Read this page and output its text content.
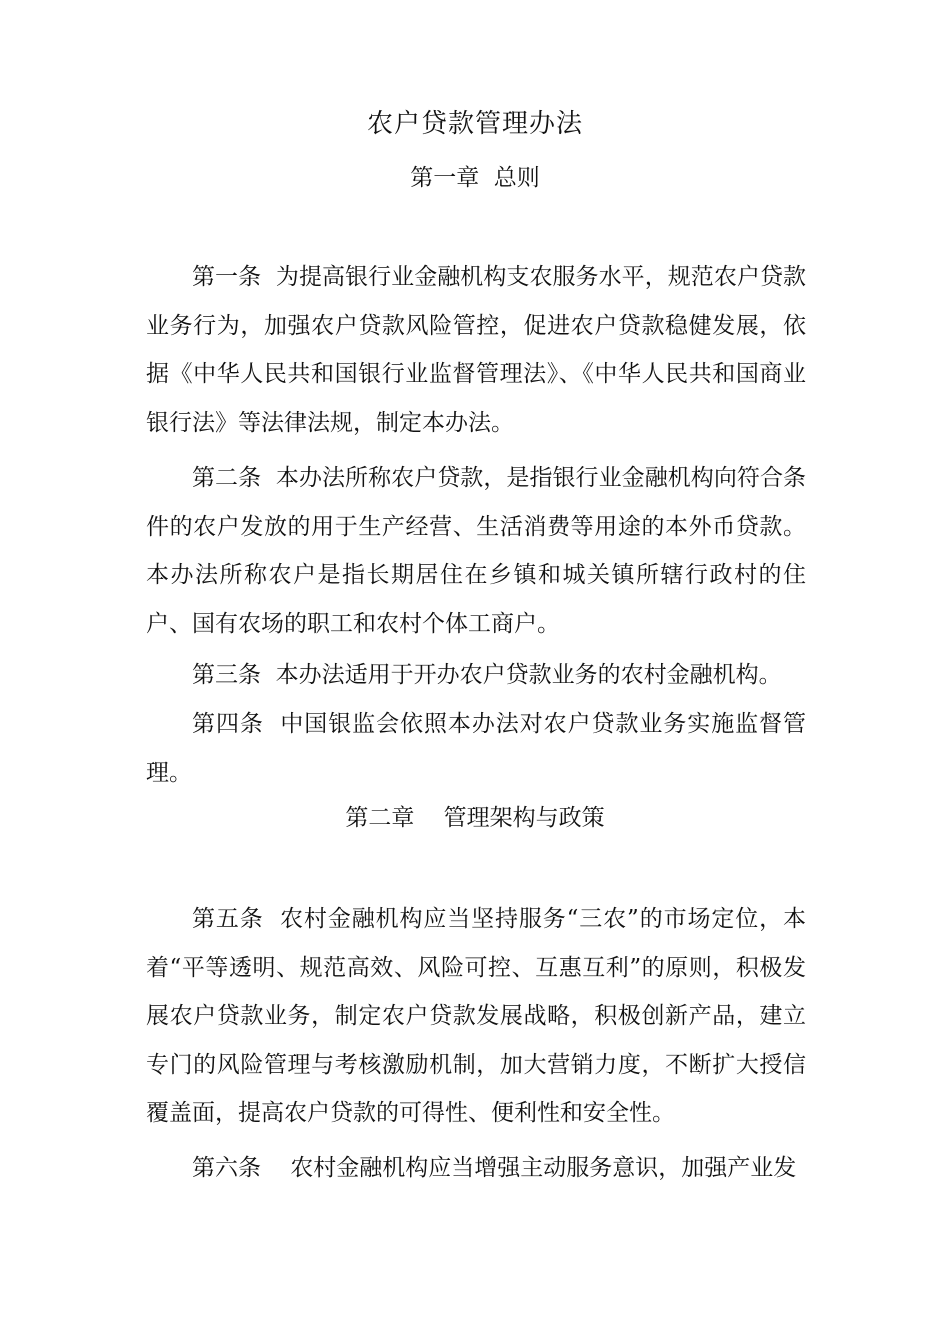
农户贷款管理办法
第一章  总则

第一条  为提高银行业金融机构支农服务水平，规范农户贷款业务行为，加强农户贷款风险管控，促进农户贷款稳健发展，依据《中华人民共和国银行业监督管理法》、《中华人民共和国商业银行法》等法律法规，制定本办法。

第二条  本办法所称农户贷款，是指银行业金融机构向符合条件的农户发放的用于生产经营、生活消费等用途的本外币贷款。本办法所称农户是指长期居住在乡镇和城关镇所辖行政村的住户、国有农场的职工和农村个体工商户。

第三条  本办法适用于开办农户贷款业务的农村金融机构。

第四条  中国银监会依照本办法对农户贷款业务实施监督管理。

第二章    管理架构与政策

第五条  农村金融机构应当坚持服务“三农”的市场定位，本着“平等透明、规范高效、风险可控、互惠互利”的原则，积极发展农户贷款业务，制定农户贷款发展战略，积极创新产品，建立专门的风险管理与考核激励机制，加大营销力度，不断扩大授信覆盖面，提高农户贷款的可得性、便利性和安全性。

第六条    农村金融机构应当增强主动服务意识，加强产业发
